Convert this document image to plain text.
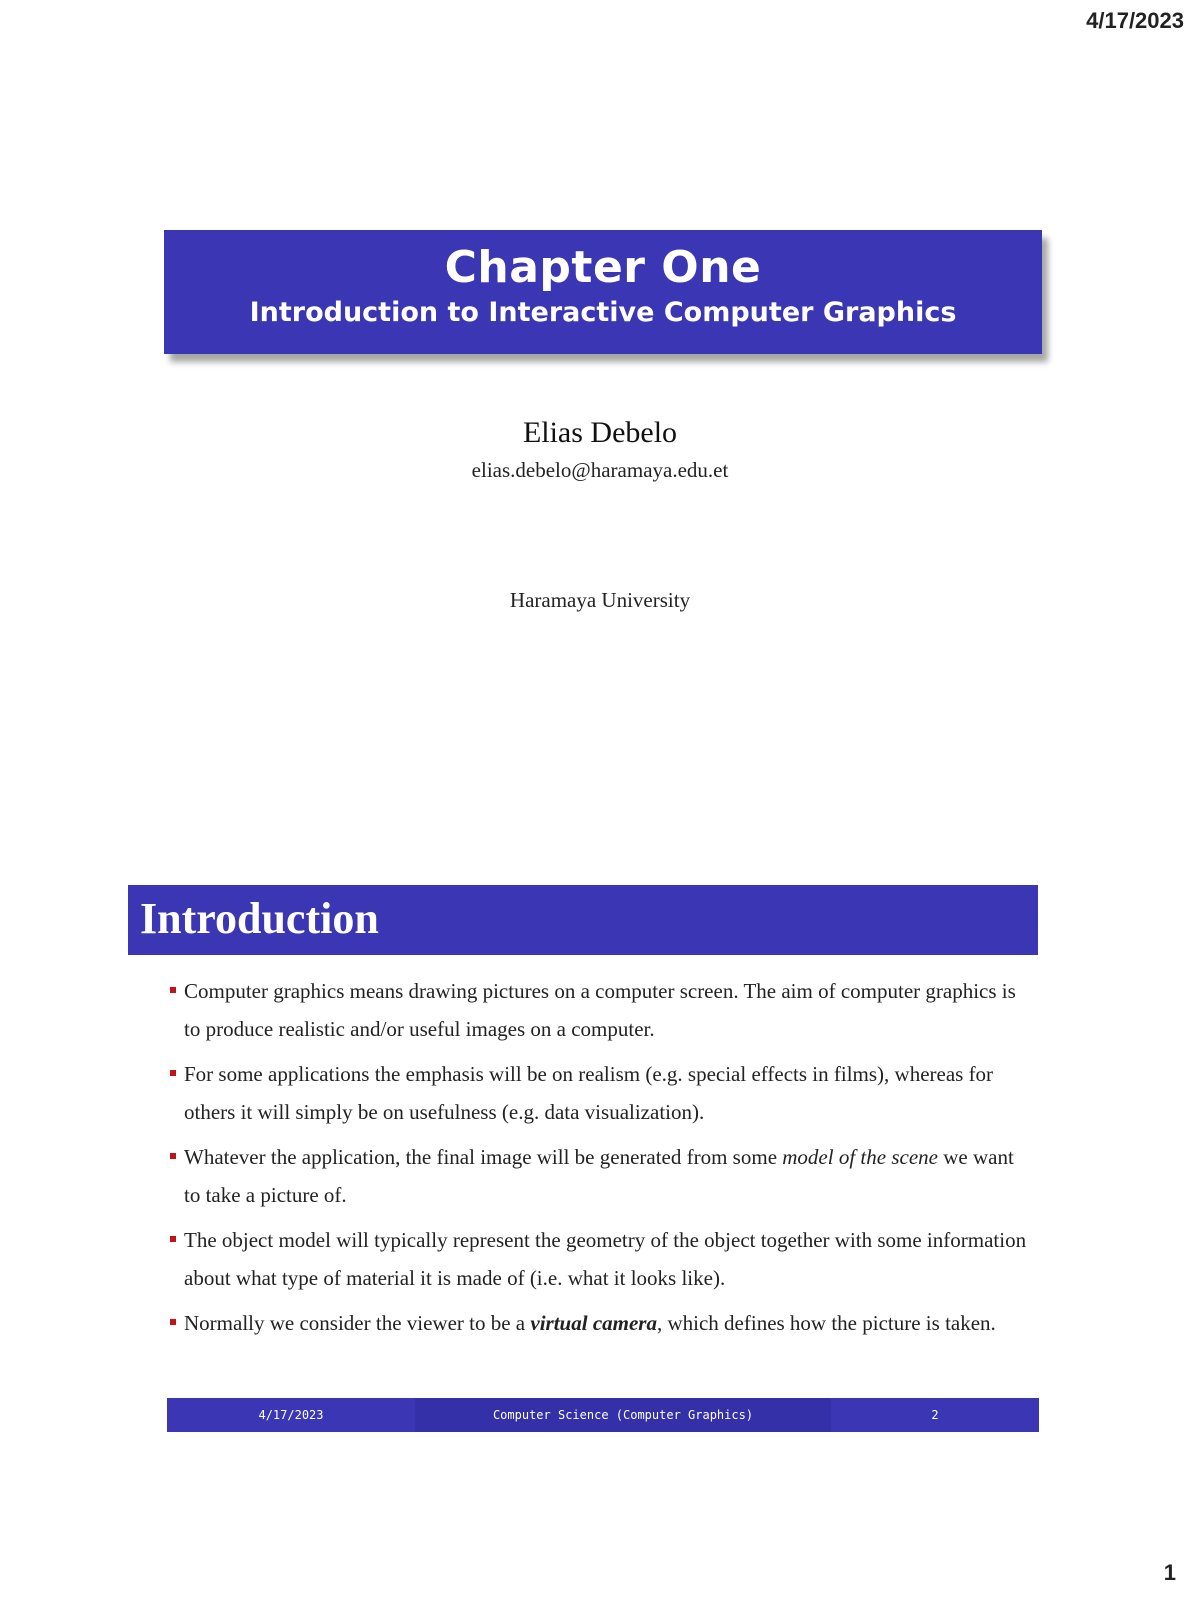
4/17/2023
Chapter One
Introduction to Interactive Computer Graphics
Elias Debelo
elias.debelo@haramaya.edu.et
Haramaya University
Introduction
Computer graphics means drawing pictures on a computer screen. The aim of computer graphics is to produce realistic and/or useful images on a computer.
For some applications the emphasis will be on realism (e.g. special effects in films), whereas for others it will simply be on usefulness (e.g. data visualization).
Whatever the application, the final image will be generated from some model of the scene we want to take a picture of.
The object model will typically represent the geometry of the object together with some information about what type of material it is made of (i.e. what it looks like).
Normally we consider the viewer to be a virtual camera, which defines how the picture is taken.
4/17/2023	Computer Science (Computer Graphics)	2
1
